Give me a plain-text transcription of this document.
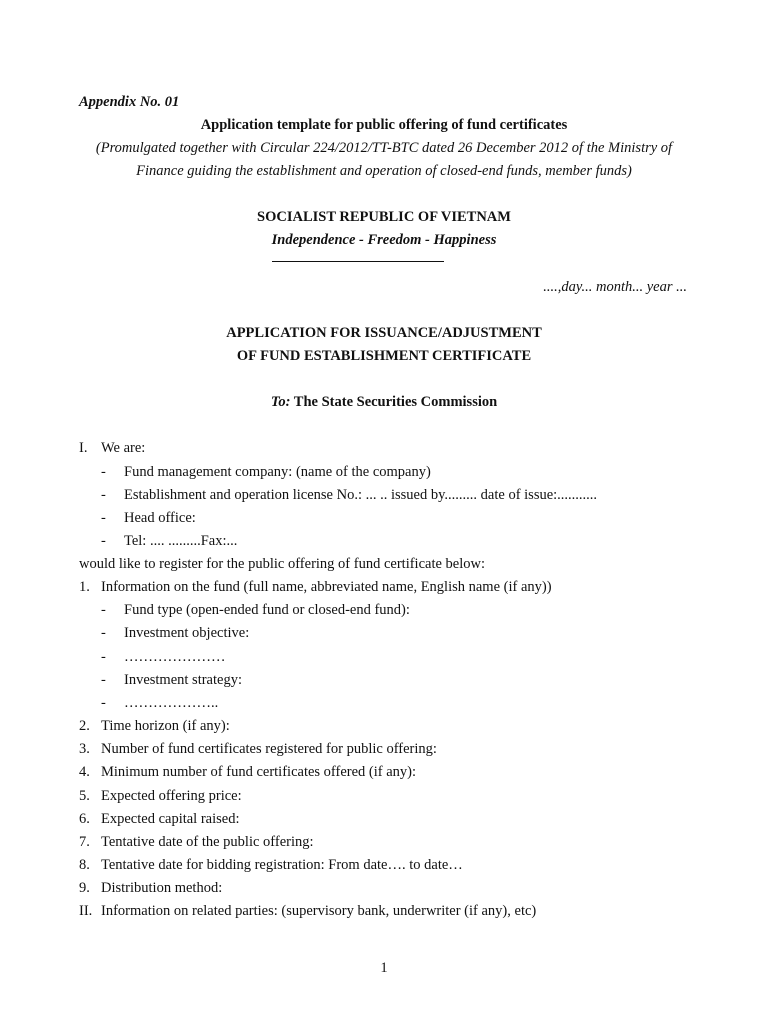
Appendix No. 01
Application template for public offering of fund certificates
(Promulgated together with Circular 224/2012/TT-BTC dated 26 December 2012 of the Ministry of
Finance guiding the establishment and operation of closed-end funds, member funds)
SOCIALIST REPUBLIC OF VIETNAM
Independence - Freedom - Happiness
....,day... month... year ...
APPLICATION FOR ISSUANCE/ADJUSTMENT
OF FUND ESTABLISHMENT CERTIFICATE
To: The State Securities Commission
I. We are:
- Fund management company: (name of the company)
- Establishment and operation license No.: ... .. issued by......... date of issue:...........
- Head office:
- Tel: .... .........Fax:...
would like to register for the public offering of fund certificate below:
1. Information on the fund (full name, abbreviated name, English name (if any))
- Fund type (open-ended fund or closed-end fund):
- Investment objective:
- …………………
- Investment strategy:
- ………………..
2. Time horizon (if any):
3. Number of fund certificates registered for public offering:
4. Minimum number of fund certificates offered (if any):
5. Expected offering price:
6. Expected capital raised:
7. Tentative date of the public offering:
8. Tentative date for bidding registration: From date…. to date…
9. Distribution method:
II. Information on related parties: (supervisory bank, underwriter (if any), etc)
1
